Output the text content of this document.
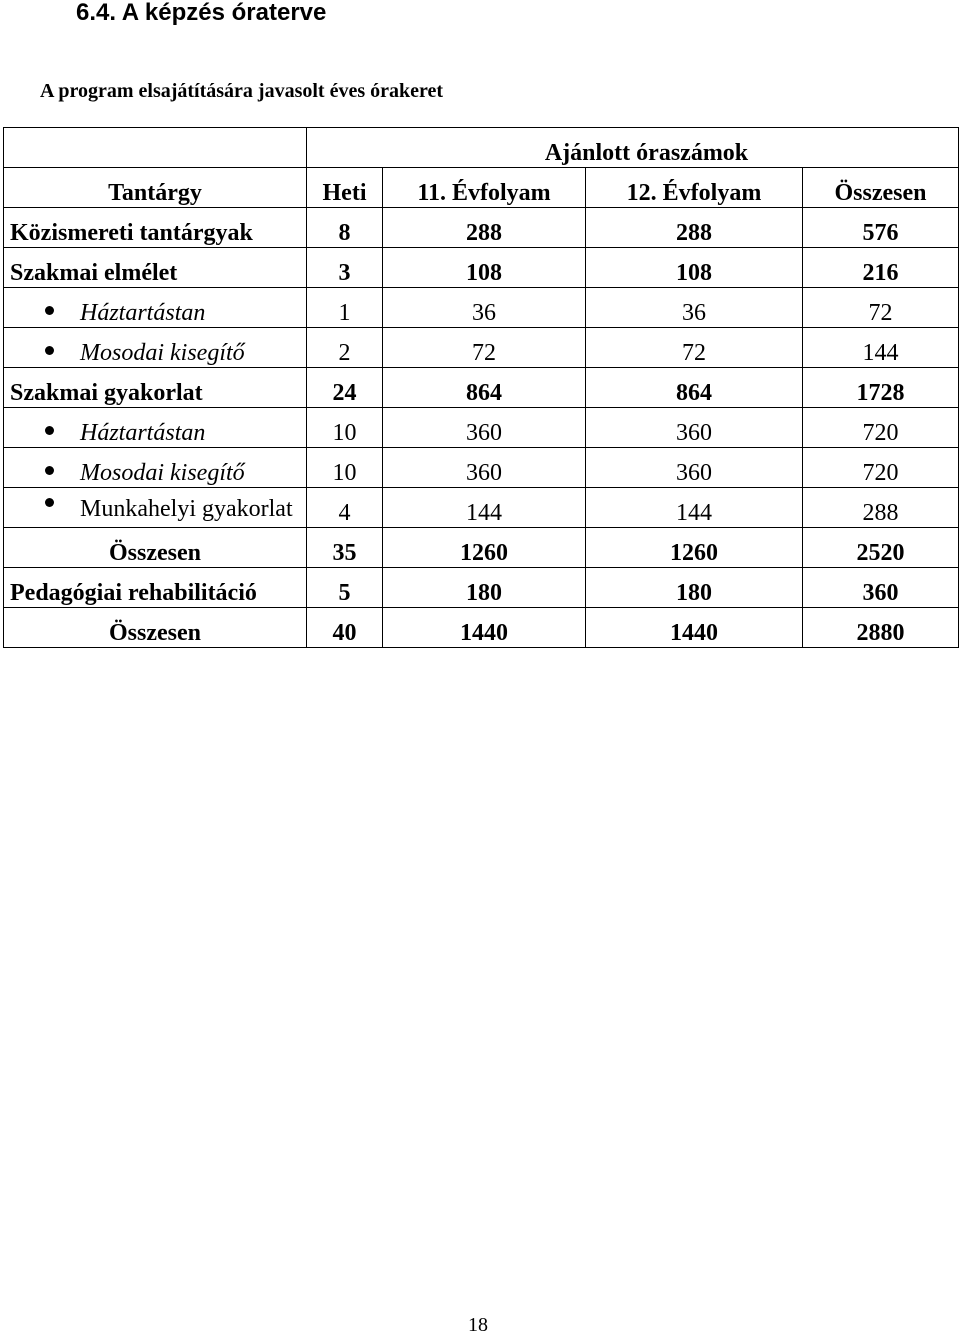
6.4. A képzés óraterve
A program elsajátítására javasolt éves órakeret
	Ajánlott óraszámok			
Tantárgy	Heti	11. Évfolyam	12. Évfolyam	Összesen
Közismereti tantárgyak	8	288	288	576
Szakmai elmélet	3	108	108	216

Háztartástan	1	36	36	72

Mosodai kisegítő	2	72	72	144
Szakmai gyakorlat	24	864	864	1728

Háztartástan	10	360	360	720

Mosodai kisegítő	10	360	360	720

Munkahelyi gyakorlat	4	144	144	288
Összesen	35	1260	1260	2520
Pedagógiai rehabilitáció	5	180	180	360
Összesen	40	1440	1440	2880
18
